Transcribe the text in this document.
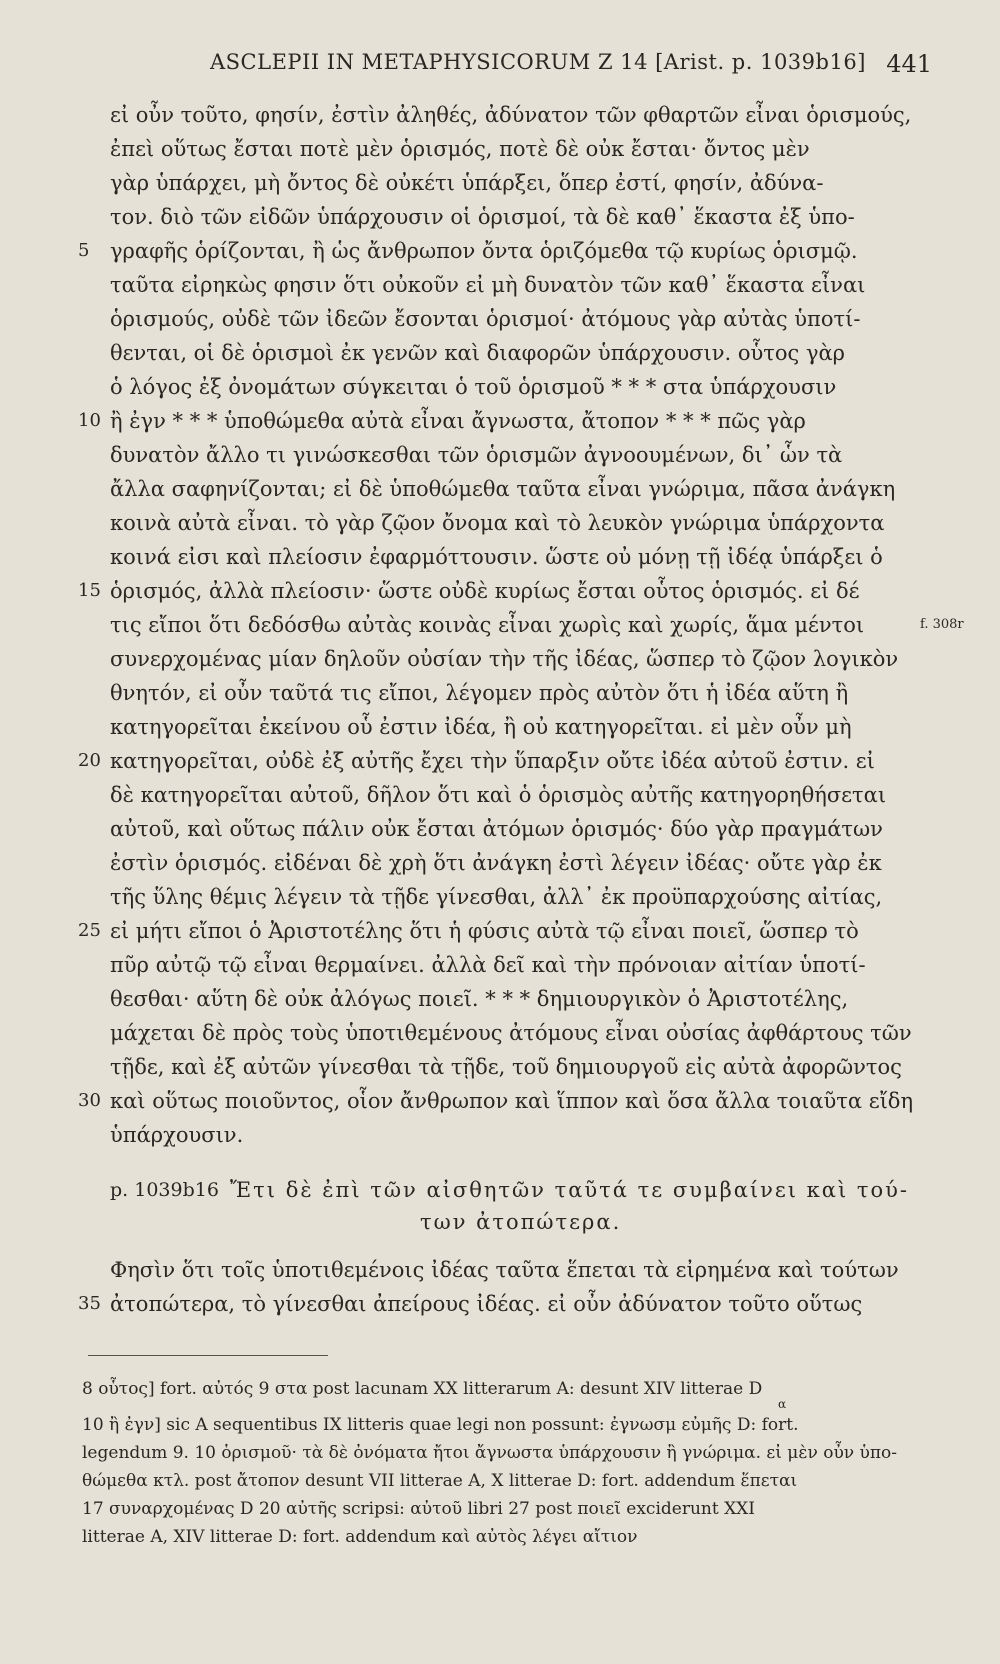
ASCLEPII IN METAPHYSICORUM Z 14 [Arist. p. 1039b16] 441
εἰ οὖν τοῦτο, φησίν, ἐστὶν ἀληθές, ἀδύνατον τῶν φθαρτῶν εἶναι ὁρισμούς,
ἐπεὶ οὕτως ἔσται ποτὲ μὲν ὁρισμός, ποτὲ δὲ οὐκ ἔσται· ὄντος μὲν
γὰρ ὑπάρχει, μὴ ὄντος δὲ οὐκέτι ὑπάρξει, ὅπερ ἐστί, φησίν, ἀδύνα-
τον. διὸ τῶν εἰδῶν ὑπάρχουσιν οἱ ὁρισμοί, τὰ δὲ καθ᾽ ἕκαστα ἐξ ὑπο-
γραφῆς ὁρίζονται, ἢ ὡς ἄνθρωπον ὄντα ὁριζόμεθα τῷ κυρίως ὁρισμῷ.
5
ταῦτα εἰρηκὼς φησιν ὅτι οὐκοῦν εἰ μὴ δυνατὸν τῶν καθ᾽ ἕκαστα εἶναι
ὁρισμούς, οὐδὲ τῶν ἰδεῶν ἔσονται ὁρισμοί· ἀτόμους γὰρ αὐτὰς ὑποτί-
θενται, οἱ δὲ ὁρισμοὶ ἐκ γενῶν καὶ διαφορῶν ὑπάρχουσιν. οὗτος γὰρ
ὁ λόγος ἐξ ὀνομάτων σύγκειται ὁ τοῦ ὁρισμοῦ * * * στα ὑπάρχουσιν
ἢ ἐγν * * * ὑποθώμεθα αὐτὰ εἶναι ἄγνωστα, ἄτοπον * * * πῶς γὰρ
10
δυνατὸν ἄλλο τι γινώσκεσθαι τῶν ὁρισμῶν ἀγνοουμένων, δι᾽ ὧν τὰ
ἄλλα σαφηνίζονται; εἰ δὲ ὑποθώμεθα ταῦτα εἶναι γνώριμα, πᾶσα ἀνάγκη
κοινὰ αὐτὰ εἶναι. τὸ γὰρ ζῷον ὄνομα καὶ τὸ λευκὸν γνώριμα ὑπάρχοντα
κοινά εἰσι καὶ πλείοσιν ἐφαρμόττουσιν. ὥστε οὐ μόνῃ τῇ ἰδέᾳ ὑπάρξει ὁ
ὁρισμός, ἀλλὰ πλείοσιν· ὥστε οὐδὲ κυρίως ἔσται οὗτος ὁρισμός. εἰ δέ
15
τις εἴποι ὅτι δεδόσθω αὐτὰς κοινὰς εἶναι χωρὶς καὶ χωρίς, ἅμα μέντοι	f. 308r
συνερχομένας μίαν δηλοῦν οὐσίαν τὴν τῆς ἰδέας, ὥσπερ τὸ ζῷον λογικὸν
θνητόν, εἰ οὖν ταῦτά τις εἴποι, λέγομεν πρὸς αὐτὸν ὅτι ἡ ἰδέα αὕτη ἢ
κατηγορεῖται ἐκείνου οὗ ἐστιν ἰδέα, ἢ οὐ κατηγορεῖται. εἰ μὲν οὖν μὴ
κατηγορεῖται, οὐδὲ ἐξ αὐτῆς ἔχει τὴν ὕπαρξιν οὔτε ἰδέα αὐτοῦ ἐστιν. εἰ
20
δὲ κατηγορεῖται αὐτοῦ, δῆλον ὅτι καὶ ὁ ὁρισμὸς αὐτῆς κατηγορηθήσεται
αὐτοῦ, καὶ οὕτως πάλιν οὐκ ἔσται ἀτόμων ὁρισμός· δύο γὰρ πραγμάτων
ἐστὶν ὁρισμός. εἰδέναι δὲ χρὴ ὅτι ἀνάγκη ἐστὶ λέγειν ἰδέας· οὔτε γὰρ ἐκ
τῆς ὕλης θέμις λέγειν τὰ τῇδε γίνεσθαι, ἀλλ᾽ ἐκ προϋπαρχούσης αἰτίας,
εἰ μήτι εἴποι ὁ Ἀριστοτέλης ὅτι ἡ φύσις αὐτὰ τῷ εἶναι ποιεῖ, ὥσπερ τὸ
25
πῦρ αὐτῷ τῷ εἶναι θερμαίνει. ἀλλὰ δεῖ καὶ τὴν πρόνοιαν αἰτίαν ὑποτί-
θεσθαι· αὕτη δὲ οὐκ ἀλόγως ποιεῖ. * * * δημιουργικὸν ὁ Ἀριστοτέλης,
μάχεται δὲ πρὸς τοὺς ὑποτιθεμένους ἀτόμους εἶναι οὐσίας ἀφθάρτους τῶν
τῇδε, καὶ ἐξ αὐτῶν γίνεσθαι τὰ τῇδε, τοῦ δημιουργοῦ εἰς αὐτὰ ἀφορῶντος
καὶ οὕτως ποιοῦντος, οἷον ἄνθρωπον καὶ ἵππον καὶ ὅσα ἄλλα τοιαῦτα εἴδη
30
ὑπάρχουσιν.
p. 1039b16 Ἔτι δὲ ἐπὶ τῶν αἰσθητῶν ταῦτά τε συμβαίνει καὶ τού-
των ἀτοπώτερα.
Φησὶν ὅτι τοῖς ὑποτιθεμένοις ἰδέας ταῦτα ἕπεται τὰ εἰρημένα καὶ τούτων
ἀτοπώτερα, τὸ γίνεσθαι ἀπείρους ἰδέας. εἰ οὖν ἀδύνατον τοῦτο οὕτως
35
8 οὗτος] fort. αὐτός 9 στα post lacunam XX litterarum A: desunt XIV litterae D
α
10 ἢ ἐγν] sic A sequentibus IX litteris quae legi non possunt: ἐγνωσμ εὐμῆς D: fort.
legendum 9. 10 ὁρισμοῦ· τὰ δὲ ὀνόματα ἤτοι ἄγνωστα ὑπάρχουσιν ἢ γνώριμα. εἰ μὲν οὖν ὑπο-
θώμεθα κτλ. post ἄτοπον desunt VII litterae A, X litterae D: fort. addendum ἕπεται
17 συναρχομένας D 20 αὐτῆς scripsi: αὐτοῦ libri 27 post ποιεῖ exciderunt XXI
litterae A, XIV litterae D: fort. addendum καὶ αὐτὸς λέγει αἴτιον
